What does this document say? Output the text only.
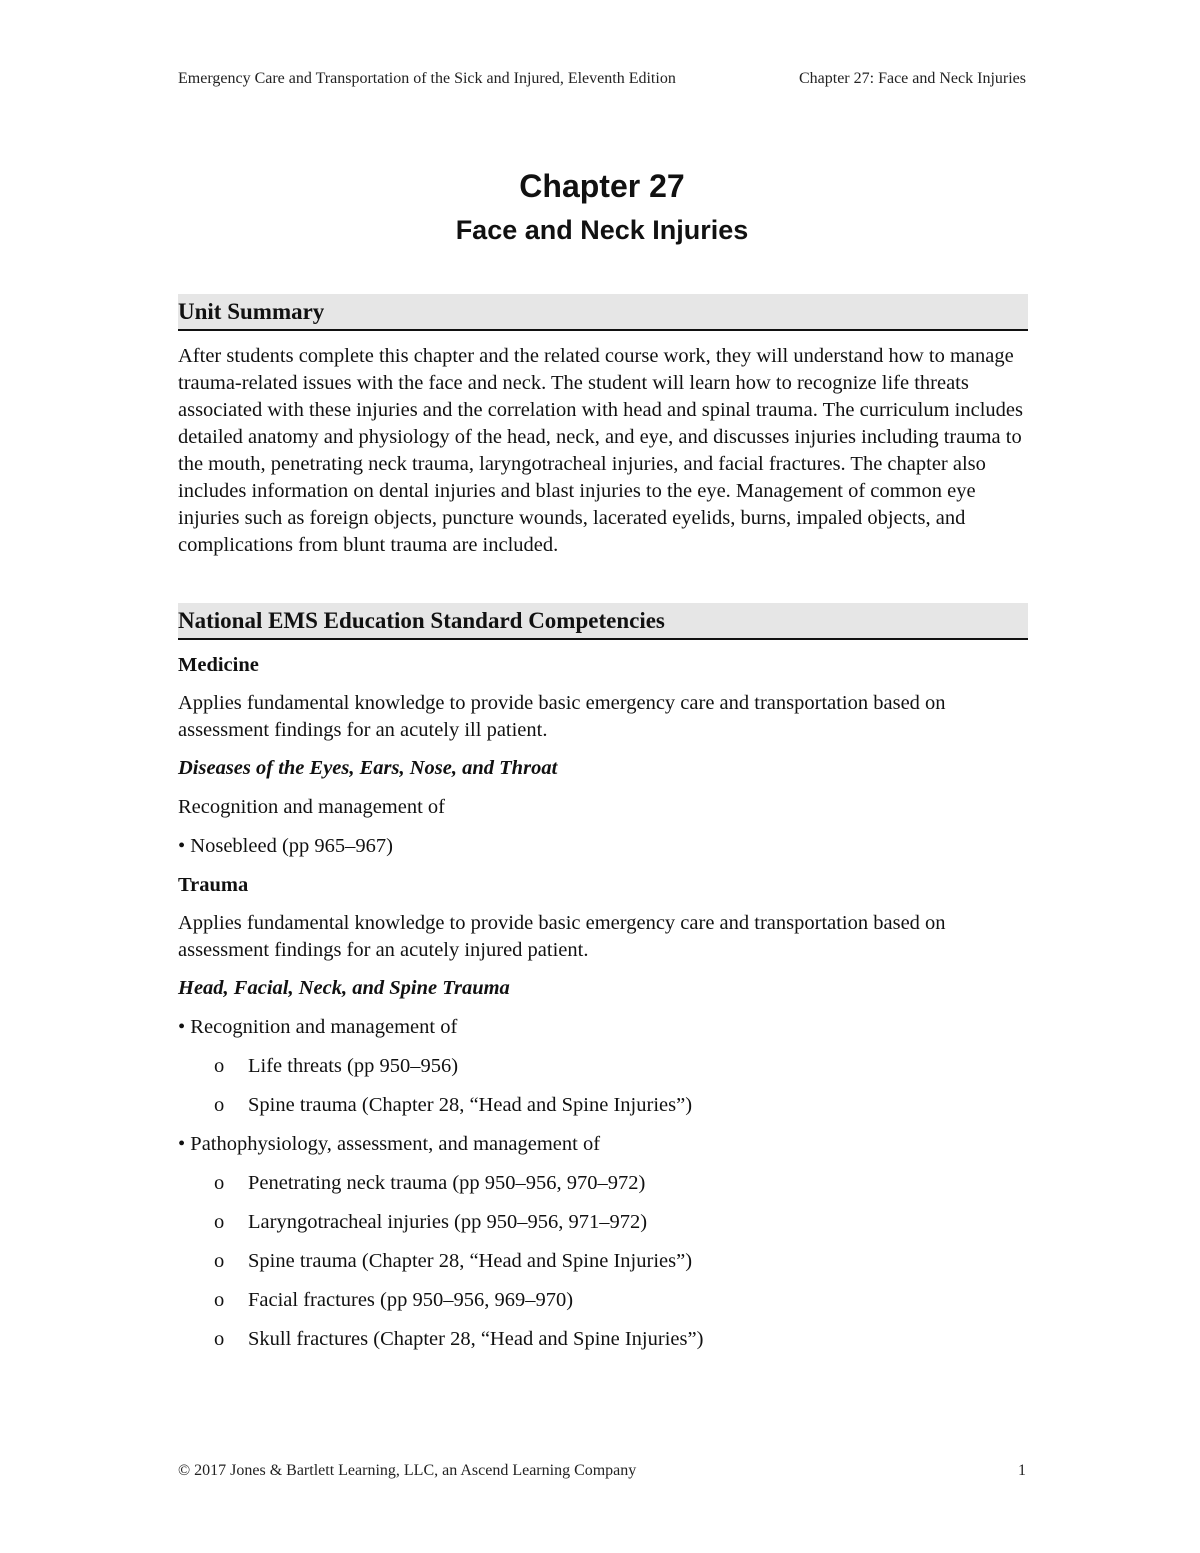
Emergency Care and Transportation of the Sick and Injured, Eleventh Edition	Chapter 27: Face and Neck Injuries
Chapter 27
Face and Neck Injuries
Unit Summary

After students complete this chapter and the related course work, they will understand how to manage trauma-related issues with the face and neck. The student will learn how to recognize life threats associated with these injuries and the correlation with head and spinal trauma. The curriculum includes detailed anatomy and physiology of the head, neck, and eye, and discusses injuries including trauma to the mouth, penetrating neck trauma, laryngotracheal injuries, and facial fractures. The chapter also includes information on dental injuries and blast injuries to the eye. Management of common eye injuries such as foreign objects, puncture wounds, lacerated eyelids, burns, impaled objects, and complications from blunt trauma are included.

National EMS Education Standard Competencies
Medicine

Applies fundamental knowledge to provide basic emergency care and transportation based on assessment findings for an acutely ill patient.

Diseases of the Eyes, Ears, Nose, and Throat
Recognition and management of
• Nosebleed (pp 965–967)
Trauma

Applies fundamental knowledge to provide basic emergency care and transportation based on assessment findings for an acutely injured patient.

Head, Facial, Neck, and Spine Trauma
• Recognition and management of
o	Life threats (pp 950–956)
o	Spine trauma (Chapter 28, “Head and Spine Injuries”)
• Pathophysiology, assessment, and management of
o	Penetrating neck trauma (pp 950–956, 970–972)
o	Laryngotracheal injuries (pp 950–956, 971–972)
o	Spine trauma (Chapter 28, “Head and Spine Injuries”)
o	Facial fractures (pp 950–956, 969–970)
o	Skull fractures (Chapter 28, “Head and Spine Injuries”)
© 2017 Jones & Bartlett Learning, LLC, an Ascend Learning Company	1
